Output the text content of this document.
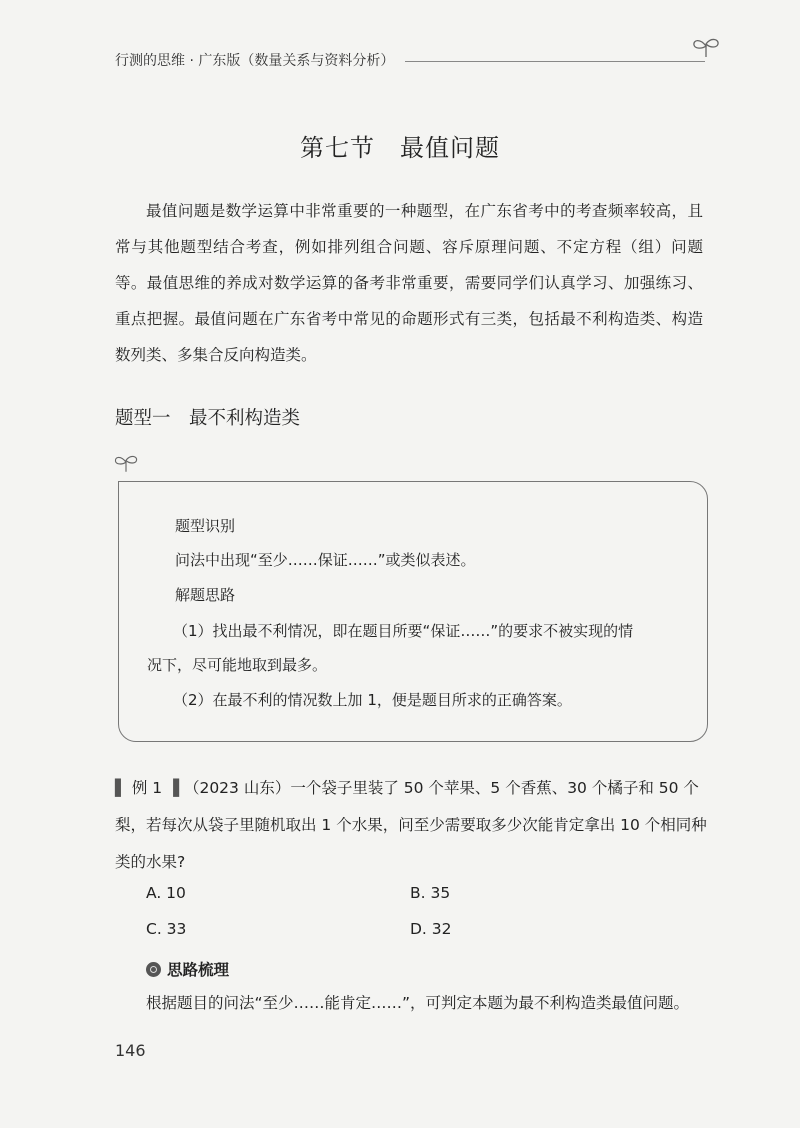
行测的思维 · 广东版（数量关系与资料分析）
第七节　最值问题

最值问题是数学运算中非常重要的一种题型，在广东省考中的考查频率较高，且常与其他题型结合考查，例如排列组合问题、容斥原理问题、不定方程（组）问题等。最值思维的养成对数学运算的备考非常重要，需要同学们认真学习、加强练习、重点把握。最值问题在广东省考中常见的命题形式有三类，包括最不利构造类、构造数列类、多集合反向构造类。

题型一　最不利构造类
题型识别
问法中出现“至少……保证……”或类似表述。
解题思路
（1）找出最不利情况，即在题目所要“保证……”的要求不被实现的情
况下，尽可能地取到最多。
（2）在最不利的情况数上加 1，便是题目所求的正确答案。

▌ 例 1 ▐ （2023 山东）一个袋子里装了 50 个苹果、5 个香蕉、30 个橘子和 50 个梨，若每次从袋子里随机取出 1 个水果，问至少需要取多少次能肯定拿出 10 个相同种类的水果?

A. 10	B. 35
C. 33	D. 32
思路梳理
根据题目的问法“至少……能肯定……”，可判定本题为最不利构造类最值问题。
146
